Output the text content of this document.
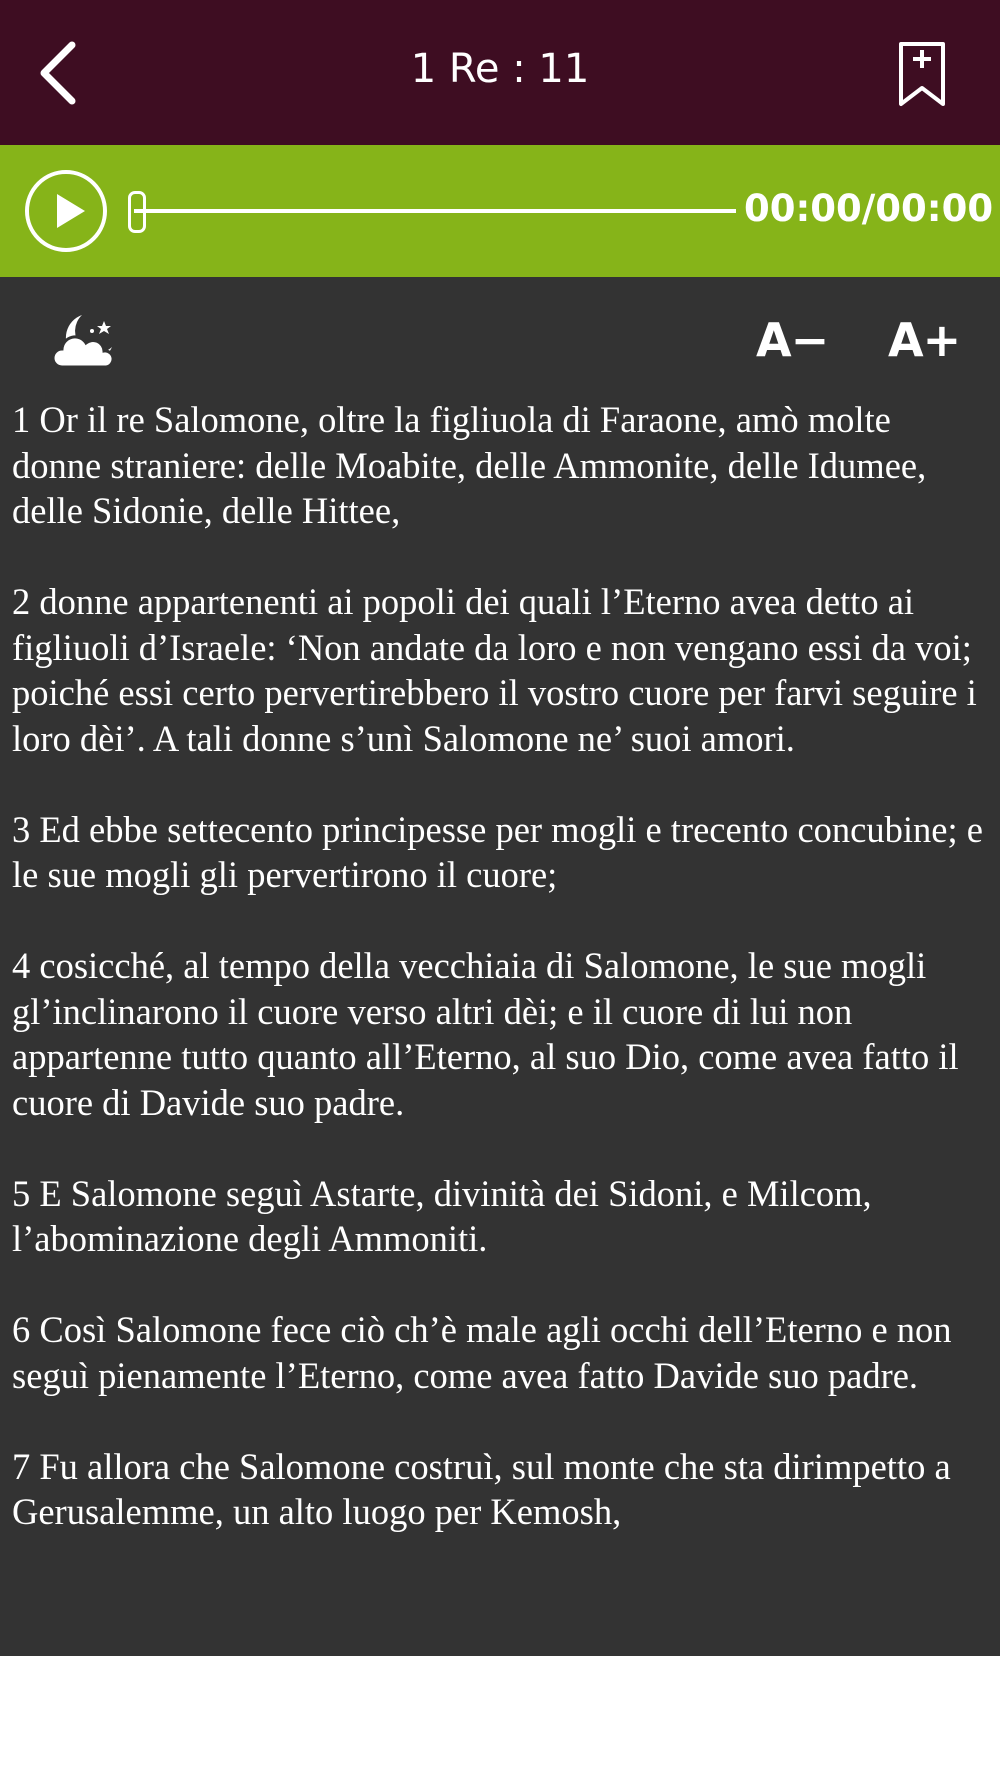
1 Re : 11
00:00/00:00
A− A+

1 Or il re Salomone, oltre la figliuola di Faraone, amò molte donne straniere: delle Moabite, delle Ammonite, delle Idumee, delle Sidonie, delle Hittee,

2 donne appartenenti ai popoli dei quali l’Eterno avea detto ai figliuoli d’Israele: ‘Non andate da loro e non vengano essi da voi; poiché essi certo pervertirebbero il vostro cuore per farvi seguire i loro dèi’. A tali donne s’unì Salomone ne’ suoi amori.

3 Ed ebbe settecento principesse per mogli e trecento concubine; e le sue mogli gli pervertirono il cuore;

4 cosicché, al tempo della vecchiaia di Salomone, le sue mogli gl’inclinarono il cuore verso altri dèi; e il cuore di lui non appartenne tutto quanto all’Eterno, al suo Dio, come avea fatto il cuore di Davide suo padre.

5 E Salomone seguì Astarte, divinità dei Sidoni, e Milcom, l’abominazione degli Ammoniti.

6 Così Salomone fece ciò ch’è male agli occhi dell’Eterno e non seguì pienamente l’Eterno, come avea fatto Davide suo padre.

7 Fu allora che Salomone costruì, sul monte che sta dirimpetto a Gerusalemme, un alto luogo per Kemosh,
